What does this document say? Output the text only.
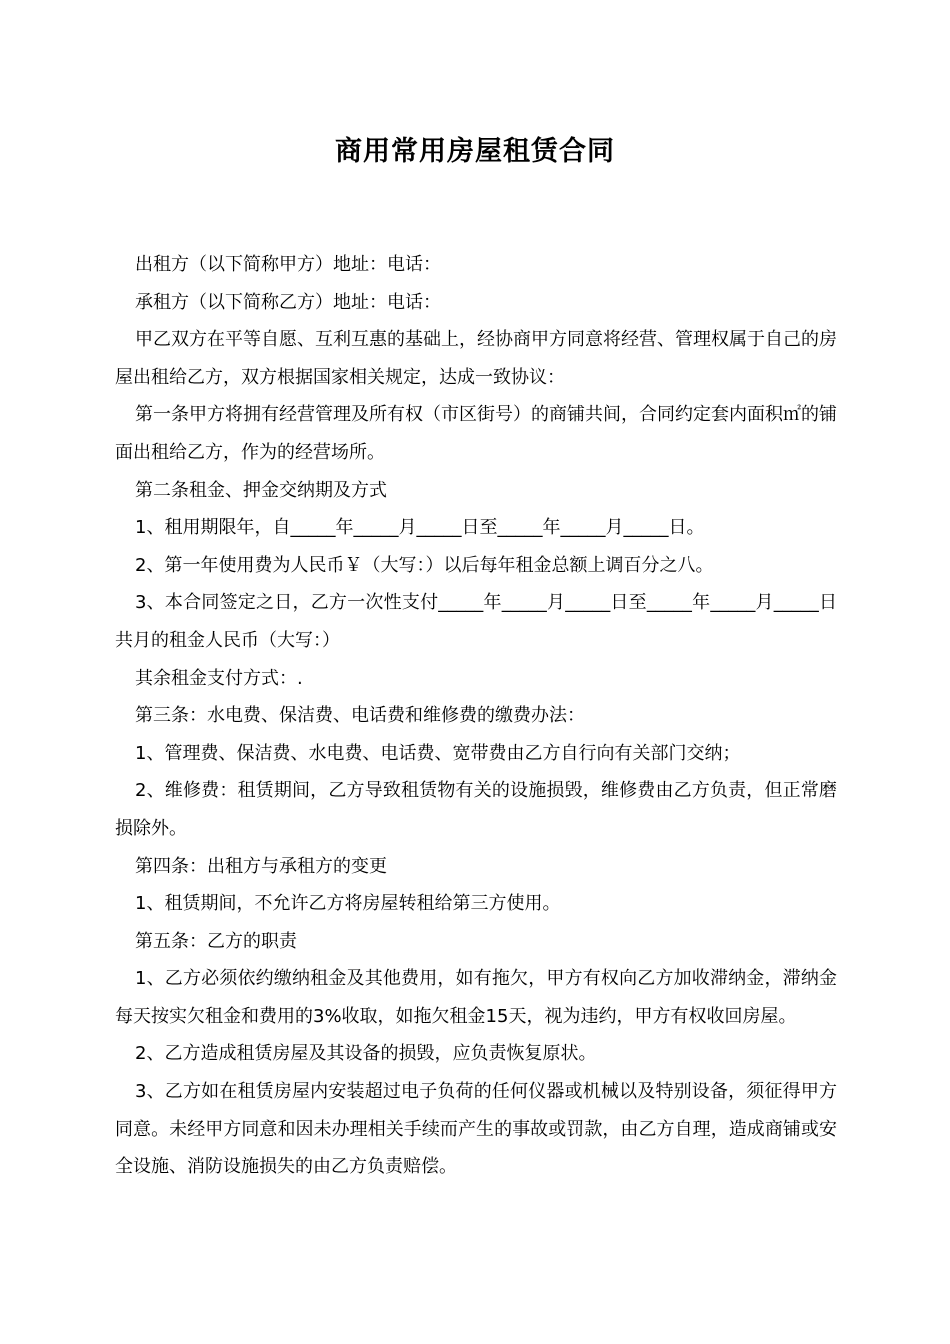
商用常用房屋租赁合同

出租方（以下简称甲方）地址：电话：

承租方（以下简称乙方）地址：电话：

甲乙双方在平等自愿、互利互惠的基础上，经协商甲方同意将经营、管理权属于自己的房屋出租给乙方，双方根据国家相关规定，达成一致协议：

第一条甲方将拥有经营管理及所有权（市区街号）的商铺共间，合同约定套内面积㎡的铺面出租给乙方，作为的经营场所。

第二条租金、押金交纳期及方式

1、租用期限年，自_____年_____月_____日至_____年_____月_____日。

2、第一年使用费为人民币￥（大写：）以后每年租金总额上调百分之八。

3、本合同签定之日，乙方一次性支付_____年_____月_____日至_____年_____月_____日共月的租金人民币（大写：）

其余租金支付方式：.

第三条：水电费、保洁费、电话费和维修费的缴费办法：

1、管理费、保洁费、水电费、电话费、宽带费由乙方自行向有关部门交纳；

2、维修费：租赁期间，乙方导致租赁物有关的设施损毁，维修费由乙方负责，但正常磨损除外。

第四条：出租方与承租方的变更

1、租赁期间，不允许乙方将房屋转租给第三方使用。

第五条：乙方的职责

1、乙方必须依约缴纳租金及其他费用，如有拖欠，甲方有权向乙方加收滞纳金，滞纳金每天按实欠租金和费用的3%收取，如拖欠租金15天，视为违约，甲方有权收回房屋。

2、乙方造成租赁房屋及其设备的损毁，应负责恢复原状。

3、乙方如在租赁房屋内安装超过电子负荷的任何仪器或机械以及特别设备，须征得甲方同意。未经甲方同意和因未办理相关手续而产生的事故或罚款，由乙方自理，造成商铺或安全设施、消防设施损失的由乙方负责赔偿。
